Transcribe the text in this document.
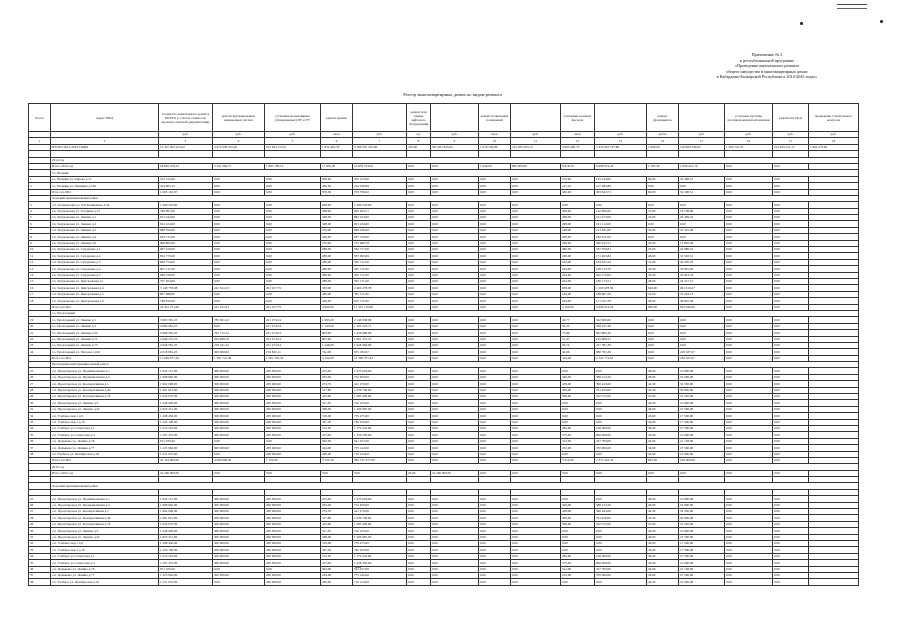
Приложение № 2
к республиканской программе
«Проведение капитального ремонта
общего имущества в многоквартирных домах
в Кабардино-Балкарской Республике в 2014-2043 годах»
Реестр многоквартирных домов по видам ремонта
№ п/п	Адрес МКД	Стоимость капитального ремонта ВСЕГО (с учетом стоимости проектно-сметной документации)	ремонт внутридомовых инженерных систем	установка коллективных (общедомовых) ПУ и УУ	ремонт крыши		ремонт или замена лифтового оборудования		ремонт подвальных помещений		утепление и ремонт фасадов		ремонт фундаментов		установка системы противопожарной автоматики	разработка ПСД	проведение строительного контроля
		руб.	руб.	руб.	кв.м	руб.	ед.	руб.	кв.м	руб.	кв.м	руб.	куб.м	руб.	руб.	руб.	руб.
1	2	3	4	5	6	7	8	9	10	11	12	13	14	15	16	17	18
	ИТОГО 2014-2043 ГОДЫ	13 327 202 223,42	3 672 930 552,40	512 294 153,51	1 832 463,79	3 786 507 470,08	470,00	397 461 843,45	1 079 726,09	215 265 203,72	4 895 409,73	3 374 610 727,86	1 899,00	118 609 349,02	1 206 741,70	214 659 251,17	1 694 273,82

	2014 год																
	Итого 2014 год	18 802 479,23	3 341 364,77	1 883 109,13	17 852,20	10 879 723,02	0,00	0,00	1 944,00	800 000,00	8 918,50	6 968 874,43	1 187,50	1 829 421,74	0,00	0,00	
	г.о. Нальчик																
1	г.о. Нальчик ул. Кирова д.11	532 152,00	0,00	0,00	390,00	452 152,00	0,00	0,00	0,00	0,00	215,00	145 244,00	60,00	32 298,51	0,00	0,00	
2	г.о. Нальчик ул. Пушкина д.100	413 805,12	0,00	0,00	286,30	254 198,69	0,00	0,00	0,00	0,00	215,10	157 983,86	0,00	0,00	0,00	0,00	
	Итого по МО	1 063 191,87	0,00	0,00	976,30	703 799,02	0,00	0,00	0,00	0,00	430,20	303 643,71	60,00	32 298,51	0,00	0,00	
	Зольский муниципальный район																
3	с.п. Залукокоаже ул. Х.Б.Калмыкова д.54	1 299 233,00	0,00	0,00	648,00	1 299 233,00	0,00	0,00	0,00	0,00	0,00	0,00	0,00	0,00	0,00	0,00	
4	г.п. Залукокоаже ул. Гагарина д.15	766 897,00	0,00	0,00	288,00	605 493,51	0,00	0,00	0,00	0,00	396,00	142 666,00	31,00	18 738,60	0,00	0,00	
5	г.п. Залукокоаже ул. Ленина д.1	913 244,00	0,00	0,00	348,00	883 234,00	0,00	0,00	0,00	0,00	298,00	191 473,00	43,00	29 499,22	0,00	0,00	
6	г.п. Залукокоаже ул. Ленина д.2	812 224,00	0,00	0,00	348,00	825 234,00	0,00	0,00	0,00	0,00	298,00	191 112,00	0,00	0,00	0,00	0,00	
7	г.п. Залукокоаже ул. Ленина д.3	868 556,00	0,00	0,00	270,00	699 526,00	0,00	0,00	0,00	0,00	248,00	213 281,00	35,00	47 525,99	0,00	0,00	
8	г.п. Залукокоаже ул. Ленина д.4	819 731,00	0,00	0,00	240,00	637 720,00	0,00	0,00	0,00	0,00	200,00	182 011,00	0,00	0,00	0,00	0,00	
9	г.п. Залукокоаже ул. Ленина д.6	698 862,00	0,00	0,00	270,00	725 968,78	0,00	0,00	0,00	0,00	266,00	260 225,51	20,00	13 892,36	0,00	0,00	
10	г.п. Залукокоаже ул. Сундукова д.1	967 610,00	0,00	0,00	288,00	584 717,00	0,00	0,00	0,00	0,00	380,00	337 979,81	23,00	24 986,47	0,00	0,00	
11	г.п. Залукокоаже ул. Сундукова д.2	854 770,00	0,00	0,00	288,00	587 093,69	0,00	0,00	0,00	0,00	260,00	171 463,84	48,00	31 528,31	0,00	0,00	
12	г.п. Залукокоаже ул. Сундукова д.3	820 754,00	0,00	0,00	280,00	595 711,00	0,00	0,00	0,00	0,00	244,00	184 247,22	31,00	40 295,76	0,00	0,00	
13	г.п. Залукокоаже ул. Сундукова д.4	807 111,00	0,00	0,00	280,00	595 711,00	0,00	0,00	0,00	0,00	244,00	168 152,79	32,00	33 825,05	0,00	0,00	
14	г.п. Залукокоаже ул. Сундукова д.5	840 918,00	0,00	0,00	280,00	595 711,00	0,00	0,00	0,00	0,00	244,00	202 179,92	32,00	32 823,33	0,00	0,00	
15	г.п. Залукокоаже ул. Центральная д.1	797 404,00	0,00	0,00	288,00	595 711,00	0,00	0,00	0,00	0,00	244,00	186 173,51	28,00	24 517,51	0,00	0,00	
16	г.п. Залукокоаже ул. Центральная д.4	3 148 778,08	241 521,03	261 017,79	330,00	2 400 278,78	0,00	0,00	0,00	0,00	658,00	1 200 478,36	620,00	491 019,27	0,00	0,00	
17	г.п. Залукокоаже ул. Центральная д.5	807 688,00	0,00	0,00	280,00	595 711,00	0,00	0,00	0,00	0,00	244,00	188 667,29	31,00	37 294,13	0,00	0,00	
18	г.п. Залукокоаже ул. Центральная д.6	748 810,00	0,00	0,00	240,00	616 711,00	0,00	0,00	0,00	0,00	244,00	171 101,78	28,00	49 845,56	0,00	0,00	
	Итого по МО	16 431 271,00	241 521,03	261 017,79	4 900,00	11 353 716,08	0,00	0,00	0,00	0,00	4 100,00	3 006 613,24	600,00	810 946,06	0,00	0,00	
	г.о. Прохладный																
19	г.о. Прохладный ул. Ленина д.1	3 993 581,25	785 561,22	221 274,54	1 083,00	2 146 958,96	0,00	0,00	0,00	0,00	42,77	342 600,00	0,00	0,00	0,00	0,00	
20	г.о. Прохладный ул. Ленина д.3	3 084 981,25	0,00	221 274,54	1 143,00	1 161 253,71	0,00	0,00	0,00	0,00	55,33	358 237,48	0,00	0,00	0,00	0,00	
21	г.о. Прохладный ул. Ленина д.52	2 668 581,25	795 712,12	221 274,54	803,00	1 626 686,99	0,00	0,00	0,00	0,00	75,96	602 895,30	0,00	0,00	0,00	0,00	
22	г.о. Прохладный ул. Ленина д.71	2 646 257,25	294 098,70	221 274,54	807,00	1 061 373,72	0,00	0,00	0,00	0,00	51,47	219 688,41	0,00	0,00	0,00	0,00	
23	г.о. Прохладный ул. Ленина д.73	2 646 581,25	218 541,22	221 274,54	1 246,00	1 928 484,99	0,00	0,00	0,00	0,00	26,74	227 381,36	0,00	0,00	0,00	0,00	
24	г.о. Прохладный ул. Энгельса д.94	2 018 981,25	300 000,00	154 845,11	742,00	955 182,67	0,00	0,00	0,00	0,00	44,06	380 765,36	0,00	218 187,97	0,00	0,00	
	Итого по МО	17 049 077,20	1 391 721,49	1 261 745,43	4 142,00	12 396 377,43	0,00	0,00	0,00	0,00	414,46	2 722 774,01	0,00	239 327,07	0,00	0,00	
	Прохладненский муниципальный район																
25	с.п. Пролетарское ул. Промышленная д.1	1 624 721,00	300 000,00	200 000,00	253,00	1 075 024,00	0,00	0,00	0,00	0,00	0,00	0,00	49,00	21 800,00	0,00	0,00	
26	с.п. Пролетарское ул. Промышленная д.2	1 968 962,00	300 000,00	200 000,00	263,00	752 659,00	0,00	0,00	0,00	0,00	340,00	588 213,20	28,00	52 000,00	0,00	0,00	
27	с.п. Пролетарское ул. Кооперативная д.1	1 962 000,00	300 000,00	200 000,00	274,70	411 270,00	0,00	0,00	0,00	0,00	438,00	396 443,00	42,30	52 350,00	0,00	0,00	
28	с.п. Пролетарское ул. Кооперативная д.49	1 961 812,00	300 000,00	200 000,00	317,80	1 036 730,00	0,00	0,00	0,00	0,00	309,00	701 450,00	43,30	50 000,00	0,00	0,00	
29	с.п. Пролетарское ул. Кооперативная д.76	1 932 637,50	300 000,00	200 000,00	415,00	1 083 430,00	0,00	0,00	0,00	0,00	399,00	342 372,00	25,00	21 250,00	0,00	0,00	
30	с.п. Пролетарское ул. Ленина д.3	1 349 420,00	300 000,00	200 000,00	311,30	720 125,00	0,00	0,00	0,00	0,00	0,00	0,00	42,00	21 900,00	0,00	0,00	
31	с.п. Пролетарское ул. Ленина д.47	1 823 312,00	300 000,00	200 000,00	368,00	1 206 987,00	0,00	0,00	0,00	0,00	0,00	0,00	49,00	27 500,00	0,00	0,00	
32	с.п. Учебное пер.1 д.9	1 268 450,00	300 000,00	200 000,00	319,00	779 275,00	0,00	0,00	0,00	0,00	0,00	0,00	43,00	17 500,00	0,00	0,00	
33	с.п. Учебное пер.1 д.10	1 220 100,00	300 000,00	200 000,00	367,50	740 250,00	0,00	0,00	0,00	0,00	0,00	0,00	34,00	17 500,00	0,00	0,00	
34	с.п. Учебное ул. Советская д.1	1 523 523,00	300 000,00	200 000,00	312,50	1 179 222,00	0,00	0,00	0,00	0,00	282,00	166 000,00	36,00	27 500,00	0,00	0,00	
35	с.п. Учебное ул. Советская д.4	1 397 472,00	300 000,00	200 000,00	415,00	1 256 350,00	0,00	0,00	0,00	0,00	375,00	800 000,00	45,00	21 000,00	0,00	0,00	
36	с.п. Цалыково ул. Ленина д.76	971 165,00	0,00	0,00	302,00	541 257,00	0,00	0,00	0,00	0,00	312,00	327 783,00	42,00	21 158,00	0,00	0,00	
37	с.п. Цалыково ул. Ленина д.77	1 225 962,00	300 000,00	200 000,00	244,00	775 142,00	0,00	0,00	0,00	0,00	252,00	370 000,00	34,00	27 500,00	0,00	0,00	
38	г.п. Учебное ул. Октябрьская д.16	1 231 972,00	0,00	200 000,00	200,00	716 124,00	0,00	0,00	0,00	0,00	0,00	0,00	42,00	21 000,00	0,00	0,00	
	Итого по МО	22 344 000,00	4 000 000,00	1 722,00	3 722,30	385 731 477,00	0,00	0,00	0,00	0,00	3 314,00	2 371 422,35	693,30	100 000,00	0,00	0,00	
	2015 год																
	Итого 2015 год	24 200 000,00	0,00	0,00	0,00	0,00	22,00	24 200 000,00	0,00	0,00	0,00	0,00	0,00	0,00	0,00	0,00	

	Зольский муниципальный район																

25	с.п. Пролетарское ул. Промышленная д.1	1 624 721,00	300 000,00	200 000,00	253,00	1 075 024,00	0,00	0,00	0,00	0,00	0,00	0,00	49,00	21 800,00	0,00	0,00	
26	с.п. Пролетарское ул. Промышленная д.2	1 968 962,00	300 000,00	200 000,00	263,00	752 659,00	0,00	0,00	0,00	0,00	340,00	588 213,20	28,00	52 000,00	0,00	0,00	
27	с.п. Пролетарское ул. Кооперативная д.1	1 962 000,00	300 000,00	200 000,00	274,70	411 270,00	0,00	0,00	0,00	0,00	438,00	396 443,00	42,30	52 350,00	0,00	0,00	
28	с.п. Пролетарское ул. Кооперативная д.49	1 961 812,00	300 000,00	200 000,00	317,80	1 036 730,00	0,00	0,00	0,00	0,00	309,00	701 450,00	43,30	50 000,00	0,00	0,00	
29	с.п. Пролетарское ул. Кооперативная д.76	1 932 637,50	300 000,00	200 000,00	415,00	1 083 430,00	0,00	0,00	0,00	0,00	399,00	342 372,00	25,00	21 250,00	0,00	0,00	
30	с.п. Пролетарское ул. Ленина д.3	1 349 420,00	300 000,00	200 000,00	311,30	720 125,00	0,00	0,00	0,00	0,00	0,00	0,00	42,00	21 900,00	0,00	0,00	
31	с.п. Пролетарское ул. Ленина д.47	1 823 312,00	300 000,00	200 000,00	368,00	1 206 987,00	0,00	0,00	0,00	0,00	0,00	0,00	49,00	27 500,00	0,00	0,00	
32	с.п. Учебное пер.1 д.9	1 268 450,00	300 000,00	200 000,00	319,00	779 275,00	0,00	0,00	0,00	0,00	0,00	0,00	43,00	17 500,00	0,00	0,00	
33	с.п. Учебное пер.1 д.10	1 220 100,00	300 000,00	200 000,00	367,50	740 250,00	0,00	0,00	0,00	0,00	0,00	0,00	34,00	17 500,00	0,00	0,00	
34	с.п. Учебное ул. Советская д.1	1 523 523,00	300 000,00	200 000,00	312,50	1 179 222,00	0,00	0,00	0,00	0,00	282,00	166 000,00	36,00	27 500,00	0,00	0,00	
35	с.п. Учебное ул. Советская д.4	1 397 472,00	300 000,00	200 000,00	415,00	1 256 350,00	0,00	0,00	0,00	0,00	375,00	800 000,00	45,00	21 000,00	0,00	0,00	
36	с.п. Цалыково ул. Ленина д.76	971 165,00	0,00	0,00	302,00	541 257,00	0,00	0,00	0,00	0,00	312,00	327 783,00	42,00	21 158,00	0,00	0,00	
37	с.п. Цалыково ул. Ленина д.77	1 225 962,00	300 000,00	200 000,00	244,00	775 142,00	0,00	0,00	0,00	0,00	252,00	370 000,00	34,00	27 500,00	0,00	0,00	
38	г.п. Учебное ул. Октябрьская д.16	1 231 972,00	0,00	200 000,00	200,00	716 124,00	0,00	0,00	0,00	0,00	0,00	0,00	42,00	21 000,00	0,00	0,00	
